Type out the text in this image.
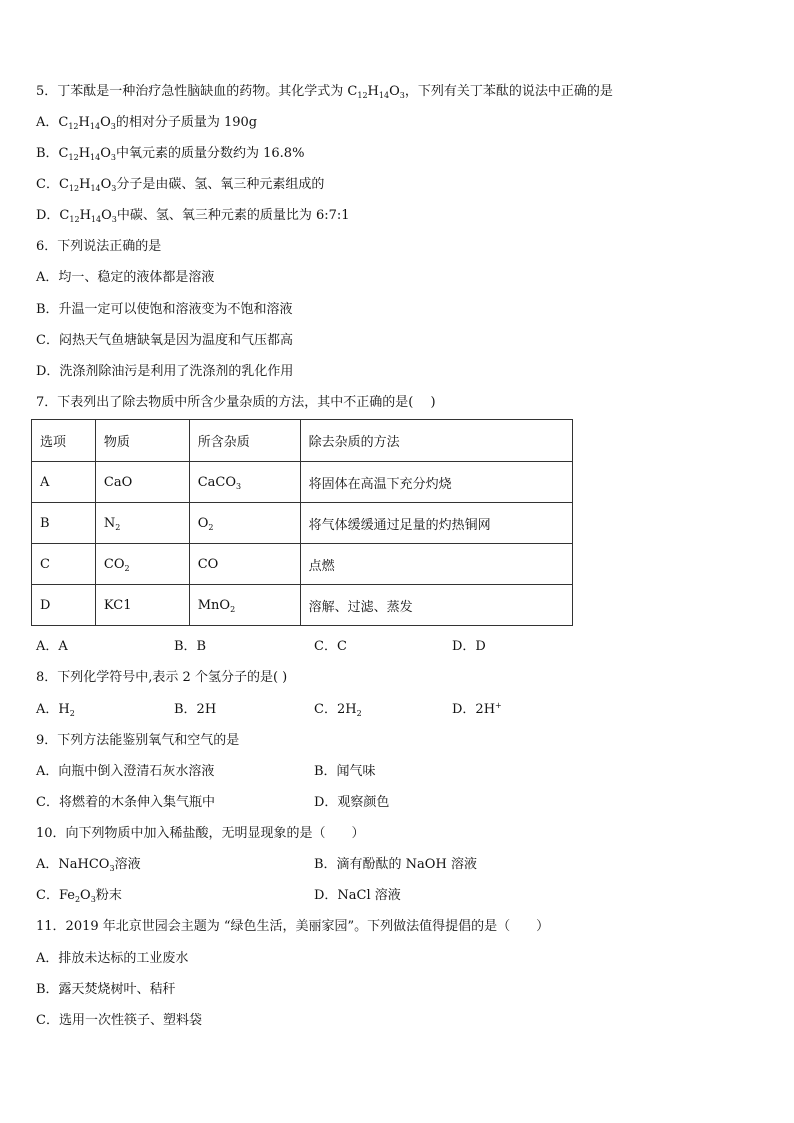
5．丁苯酞是一种治疗急性脑缺血的药物。其化学式为 $C_{12}H_{14}O_3$，下列有关丁苯酞的说法中正确的是
A．$C_{12}H_{14}O_3$的相对分子质量为 190g
B．$C_{12}H_{14}O_3$中氧元素的质量分数约为 16.8%
C．$C_{12}H_{14}O_3$分子是由碳、氢、氧三种元素组成的
D．$C_{12}H_{14}O_3$中碳、氢、氧三种元素的质量比为 6:7:1
6．下列说法正确的是
A．均一、稳定的液体都是溶液
B．升温一定可以使饱和溶液变为不饱和溶液
C．闷热天气鱼塘缺氧是因为温度和气压都高
D．洗涤剂除油污是利用了洗涤剂的乳化作用
7．下表列出了除去物质中所含少量杂质的方法，其中不正确的是(　 )
选项	物质	所含杂质	除去杂质的方法
A	CaO	CaCO$_3$	将固体在高温下充分灼烧
B	$N_2$	$O_2$	将气体缓缓通过足量的灼热铜网
C	$CO_2$	CO	点燃
D	KC1	MnO$_2$	溶解、过滤、蒸发
A．A	B．B	C．C	D．D
8．下列化学符号中,表示 2 个氢分子的是( )
A．$H_2$	B．2H	C．$2H_2$	D．2H+
9．下列方法能鉴别氧气和空气的是
A．向瓶中倒入澄清石灰水溶液	B．闻气味
C．将燃着的木条伸入集气瓶中	D．观察颜色
10．向下列物质中加入稀盐酸，无明显现象的是（　　）
A．NaHCO$_3$溶液	B．滴有酚酞的 NaOH 溶液
C．$Fe_2O_3$粉末	D．NaCl 溶液
11．2019 年北京世园会主题为 “绿色生活，美丽家园”。下列做法值得提倡的是（　　）
A．排放未达标的工业废水
B．露天焚烧树叶、秸秆
C．选用一次性筷子、塑料袋
